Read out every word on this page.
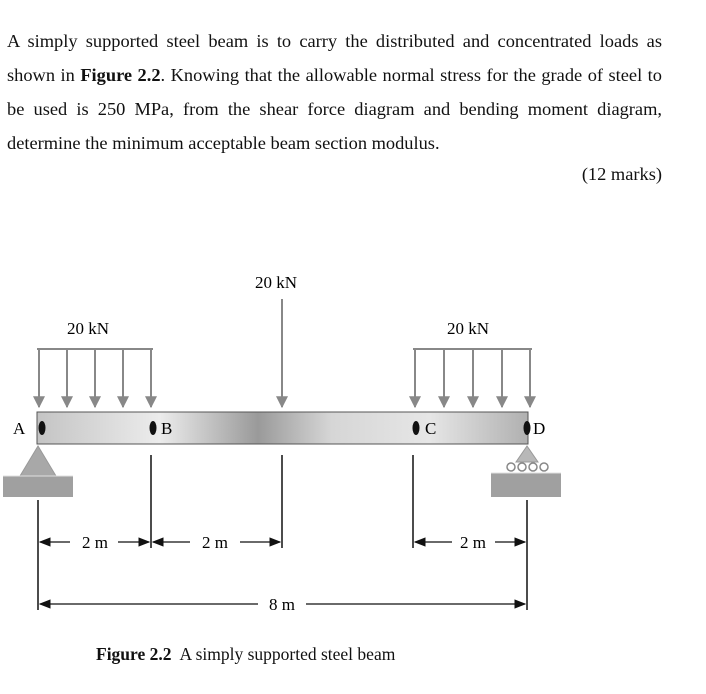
A simply supported steel beam is to carry the distributed and concentrated loads as shown in Figure 2.2. Knowing that the allowable normal stress for the grade of steel to be used is 250 MPa, from the shear force diagram and bending moment diagram, determine the minimum acceptable beam section modulus.

(12 marks)
20 kN
20 kN
20 kN
A	B	C	D
2 m	2 m	2 m
8 m
Figure 2.2 A simply supported steel beam
